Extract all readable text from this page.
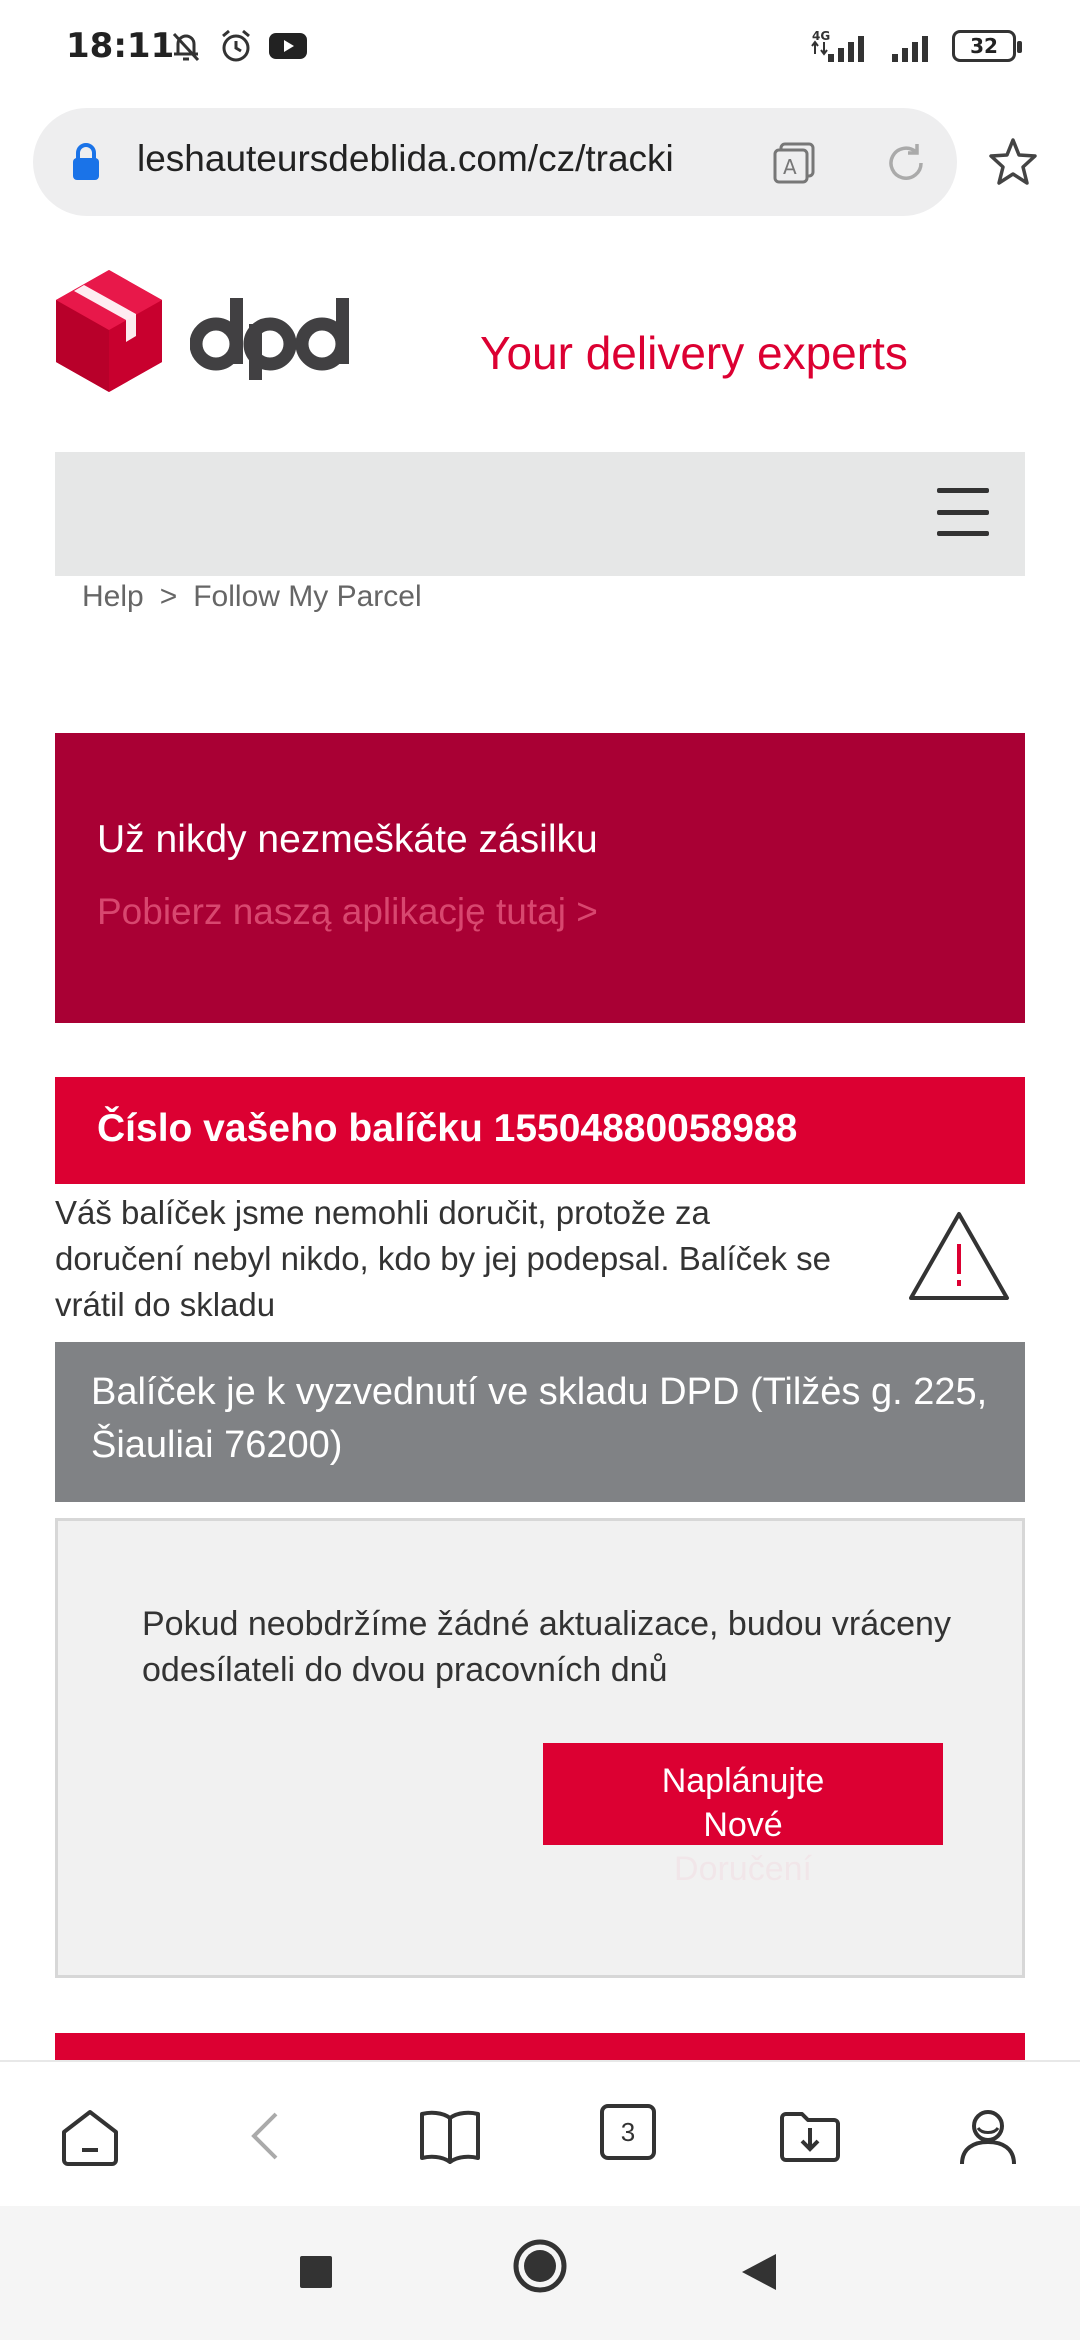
18:11	4G	32
leshauteursdeblida.com/cz/tracki	A
Your delivery experts
Help > Follow My Parcel
Už nikdy nezmeškáte zásilku
Pobierz naszą aplikację tutaj >
Číslo vašeho balíčku 15504880058988
Váš balíček jsme nemohli doručit, protože za doručení nebyl nikdo, kdo by jej podepsal. Balíček se vrátil do skladu
Balíček je k vyzvednutí ve skladu DPD (Tilžės g. 225, Šiauliai 76200)
Pokud neobdržíme žádné aktualizace, budou vráceny odesílateli do dvou pracovních dnů
Naplánujte
Nové
Doručení
3
